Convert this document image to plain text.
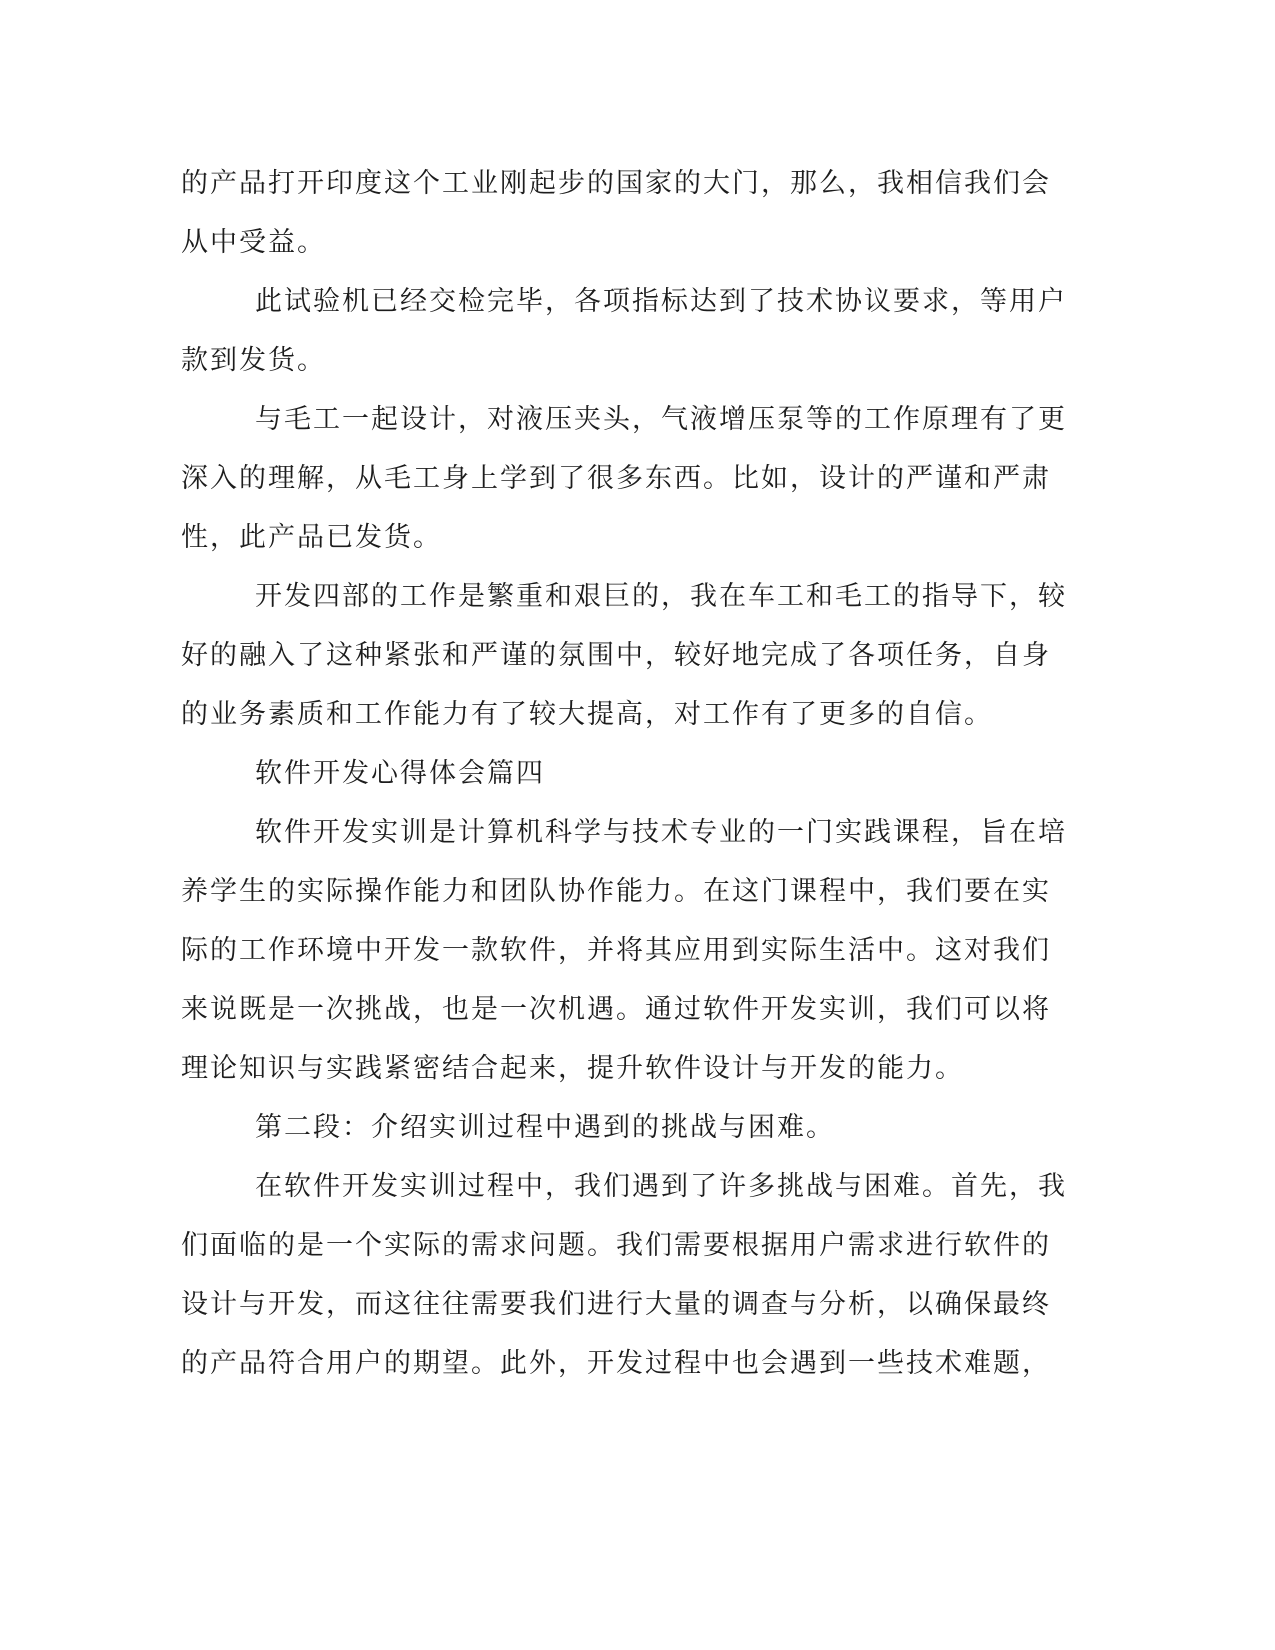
的产品打开印度这个工业刚起步的国家的大门，那么，我相信我们会
从中受益。

此试验机已经交检完毕，各项指标达到了技术协议要求，等用户
款到发货。

与毛工一起设计，对液压夹头，气液增压泵等的工作原理有了更
深入的理解，从毛工身上学到了很多东西。比如，设计的严谨和严肃
性，此产品已发货。

开发四部的工作是繁重和艰巨的，我在车工和毛工的指导下，较
好的融入了这种紧张和严谨的氛围中，较好地完成了各项任务，自身
的业务素质和工作能力有了较大提高，对工作有了更多的自信。

软件开发心得体会篇四

软件开发实训是计算机科学与技术专业的一门实践课程，旨在培
养学生的实际操作能力和团队协作能力。在这门课程中，我们要在实
际的工作环境中开发一款软件，并将其应用到实际生活中。这对我们
来说既是一次挑战，也是一次机遇。通过软件开发实训，我们可以将
理论知识与实践紧密结合起来，提升软件设计与开发的能力。

第二段：介绍实训过程中遇到的挑战与困难。

在软件开发实训过程中，我们遇到了许多挑战与困难。首先，我
们面临的是一个实际的需求问题。我们需要根据用户需求进行软件的
设计与开发，而这往往需要我们进行大量的调查与分析，以确保最终
的产品符合用户的期望。此外，开发过程中也会遇到一些技术难题，
